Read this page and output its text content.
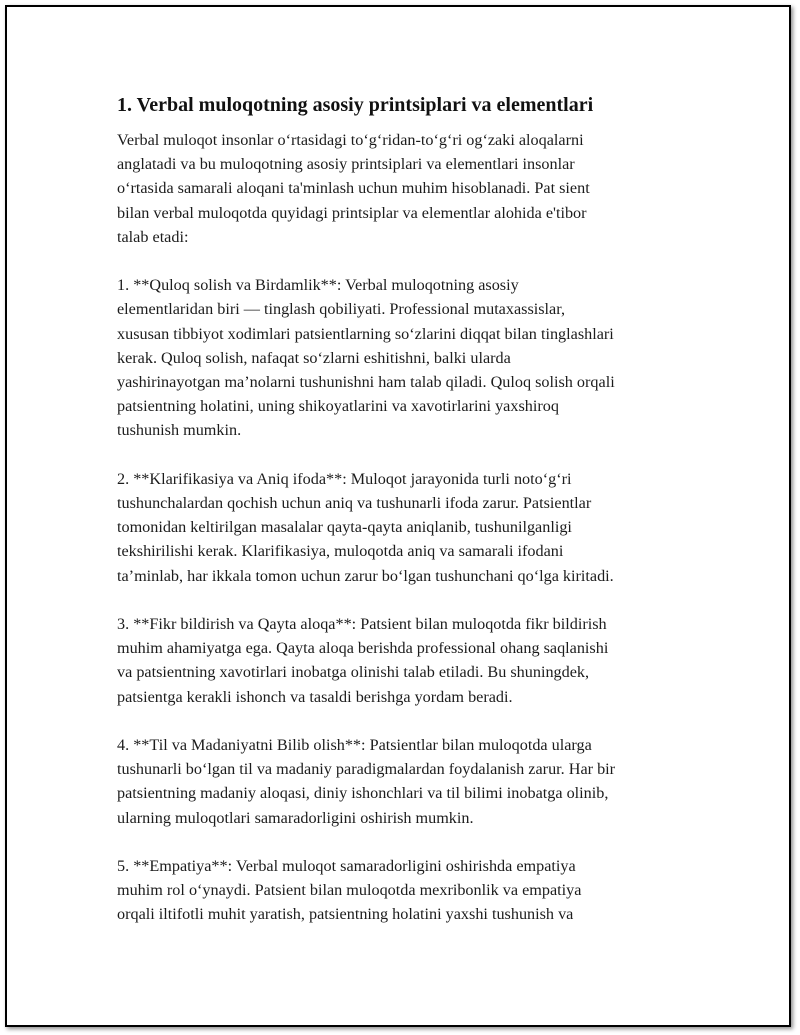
1. Verbal muloqotning asosiy printsiplari va elementlari
Verbal muloqot insonlar o‘rtasidagi to‘g‘ridan-to‘g‘ri og‘zaki aloqalarni
anglatadi va bu muloqotning asosiy printsiplari va elementlari insonlar
o‘rtasida samarali aloqani ta'minlash uchun muhim hisoblanadi. Pat sient
bilan verbal muloqotda quyidagi printsiplar va elementlar alohida e'tibor
talab etadi:
1. **Quloq solish va Birdamlik**: Verbal muloqotning asosiy
elementlaridan biri — tinglash qobiliyati. Professional mutaxassislar,
xususan tibbiyot xodimlari patsientlarning so‘zlarini diqqat bilan tinglashlari
kerak. Quloq solish, nafaqat so‘zlarni eshitishni, balki ularda
yashirinayotgan ma’nolarni tushunishni ham talab qiladi. Quloq solish orqali
patsientning holatini, uning shikoyatlarini va xavotirlarini yaxshiroq
tushunish mumkin.
2. **Klarifikasiya va Aniq ifoda**: Muloqot jarayonida turli noto‘g‘ri
tushunchalardan qochish uchun aniq va tushunarli ifoda zarur. Patsientlar
tomonidan keltirilgan masalalar qayta-qayta aniqlanib, tushunilganligi
tekshirilishi kerak. Klarifikasiya, muloqotda aniq va samarali ifodani
ta’minlab, har ikkala tomon uchun zarur bo‘lgan tushunchani qo‘lga kiritadi.
3. **Fikr bildirish va Qayta aloqa**: Patsient bilan muloqotda fikr bildirish
muhim ahamiyatga ega. Qayta aloqa berishda professional ohang saqlanishi
va patsientning xavotirlari inobatga olinishi talab etiladi. Bu shuningdek,
patsientga kerakli ishonch va tasaldi berishga yordam beradi.
4. **Til va Madaniyatni Bilib olish**: Patsientlar bilan muloqotda ularga
tushunarli bo‘lgan til va madaniy paradigmalardan foydalanish zarur. Har bir
patsientning madaniy aloqasi, diniy ishonchlari va til bilimi inobatga olinib,
ularning muloqotlari samaradorligini oshirish mumkin.
5. **Empatiya**: Verbal muloqot samaradorligini oshirishda empatiya
muhim rol o‘ynaydi. Patsient bilan muloqotda mexribonlik va empatiya
orqali iltifotli muhit yaratish, patsientning holatini yaxshi tushunish va
